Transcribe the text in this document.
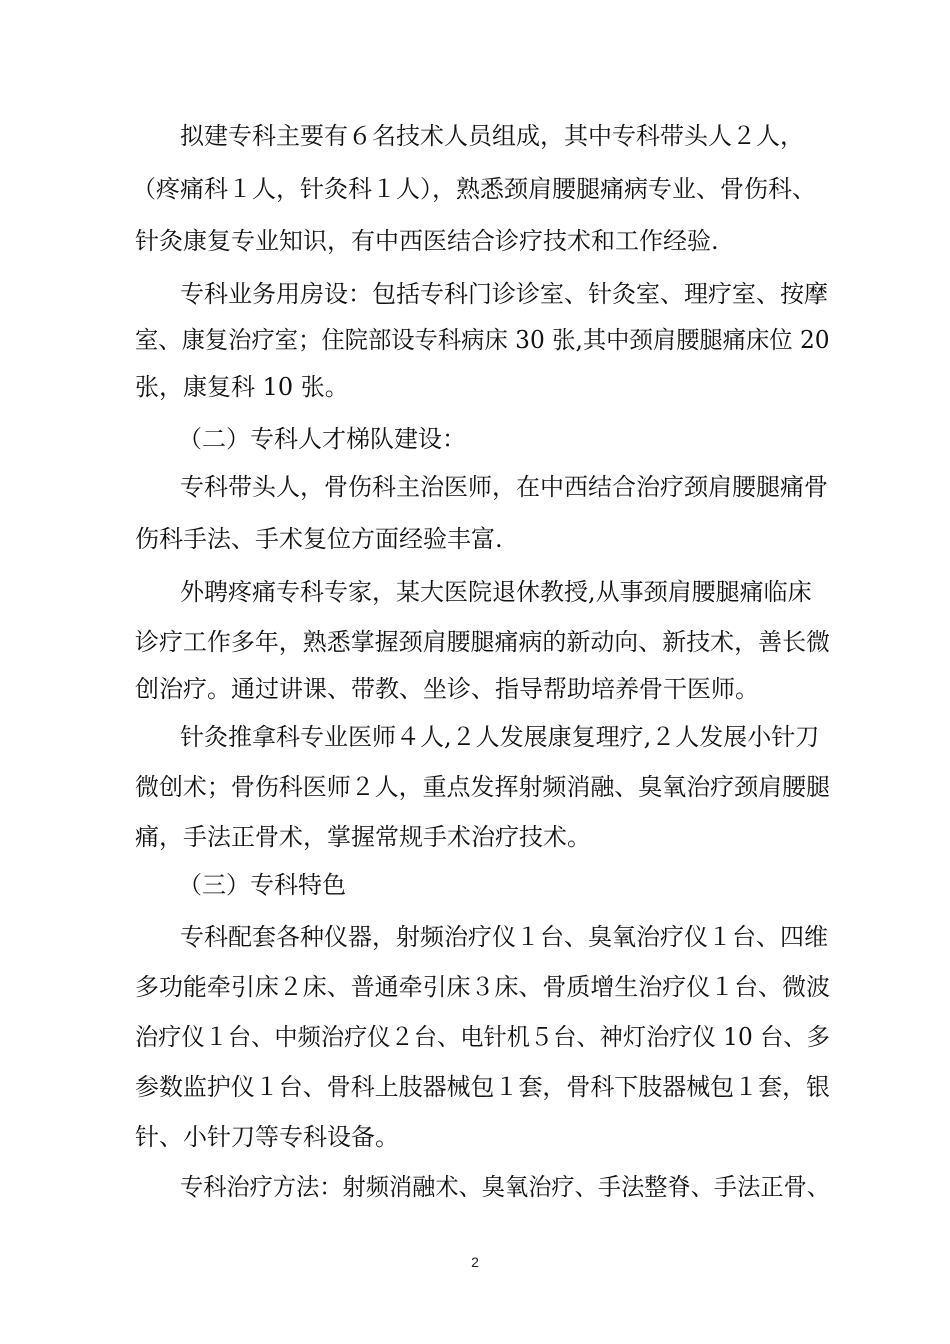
拟建专科主要有６名技术人员组成，其中专科带头人２人，
（疼痛科１人，针灸科１人），熟悉颈肩腰腿痛病专业、骨伤科、
针灸康复专业知识，有中西医结合诊疗技术和工作经验.
专科业务用房设：包括专科门诊诊室、针灸室、理疗室、按摩
室、康复治疗室；住院部设专科病床 30 张,其中颈肩腰腿痛床位 20
张，康复科 10 张。
（二）专科人才梯队建设：
专科带头人，骨伤科主治医师，在中西结合治疗颈肩腰腿痛骨
伤科手法、手术复位方面经验丰富.
外聘疼痛专科专家，某大医院退休教授,从事颈肩腰腿痛临床
诊疗工作多年，熟悉掌握颈肩腰腿痛病的新动向、新技术，善长微
创治疗。通过讲课、带教、坐诊、指导帮助培养骨干医师。
针灸推拿科专业医师４人,２人发展康复理疗,２人发展小针刀
微创术；骨伤科医师２人，重点发挥射频消融、臭氧治疗颈肩腰腿
痛，手法正骨术，掌握常规手术治疗技术。
（三）专科特色
专科配套各种仪器，射频治疗仪１台、臭氧治疗仪１台、四维
多功能牵引床２床、普通牵引床３床、骨质增生治疗仪１台、微波
治疗仪１台、中频治疗仪２台、电针机５台、神灯治疗仪 10 台、多
参数监护仪１台、骨科上肢器械包１套，骨科下肢器械包１套，银
针、小针刀等专科设备。
专科治疗方法：射频消融术、臭氧治疗、手法整脊、手法正骨、
2
